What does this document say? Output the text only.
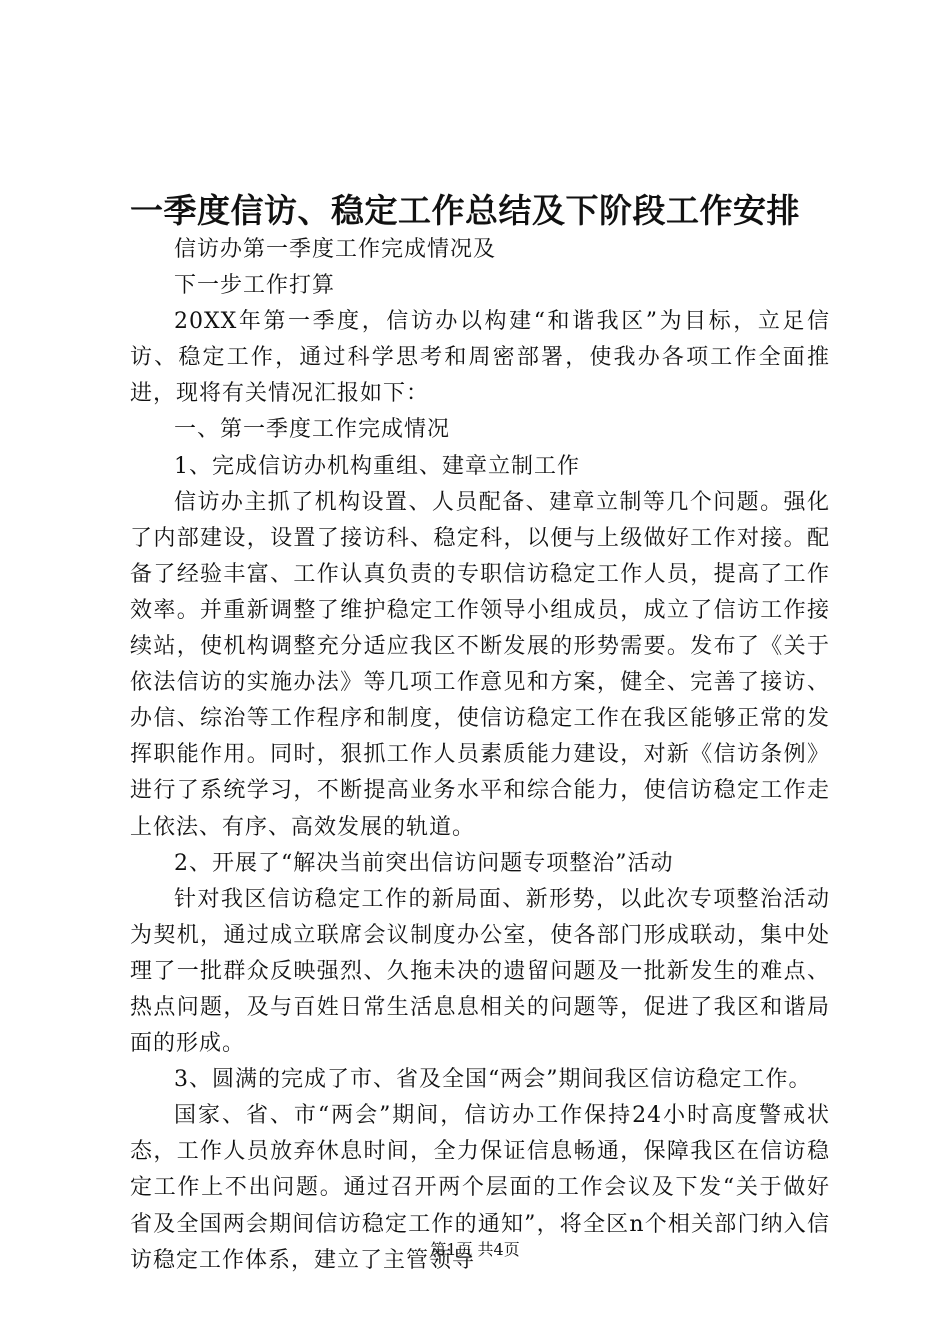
一季度信访、稳定工作总结及下阶段工作安排

信访办第一季度工作完成情况及

下一步工作打算

20XX年第一季度，信访办以构建“和谐我区”为目标，立足信访、稳定工作，通过科学思考和周密部署，使我办各项工作全面推进，现将有关情况汇报如下：

一、第一季度工作完成情况

1、完成信访办机构重组、建章立制工作

信访办主抓了机构设置、人员配备、建章立制等几个问题。强化了内部建设，设置了接访科、稳定科，以便与上级做好工作对接。配备了经验丰富、工作认真负责的专职信访稳定工作人员，提高了工作效率。并重新调整了维护稳定工作领导小组成员，成立了信访工作接续站，使机构调整充分适应我区不断发展的形势需要。发布了《关于依法信访的实施办法》等几项工作意见和方案，健全、完善了接访、办信、综治等工作程序和制度，使信访稳定工作在我区能够正常的发挥职能作用。同时，狠抓工作人员素质能力建设，对新《信访条例》进行了系统学习，不断提高业务水平和综合能力，使信访稳定工作走上依法、有序、高效发展的轨道。

2、开展了“解决当前突出信访问题专项整治”活动

针对我区信访稳定工作的新局面、新形势，以此次专项整治活动为契机，通过成立联席会议制度办公室，使各部门形成联动，集中处理了一批群众反映强烈、久拖未决的遗留问题及一批新发生的难点、热点问题，及与百姓日常生活息息相关的问题等，促进了我区和谐局面的形成。

3、圆满的完成了市、省及全国“两会”期间我区信访稳定工作。

国家、省、市“两会”期间，信访办工作保持24小时高度警戒状态，工作人员放弃休息时间，全力保证信息畅通，保障我区在信访稳定工作上不出问题。通过召开两个层面的工作会议及下发“关于做好省及全国两会期间信访稳定工作的通知”，将全区n个相关部门纳入信访稳定工作体系，建立了主管领导

第1页 共4页
